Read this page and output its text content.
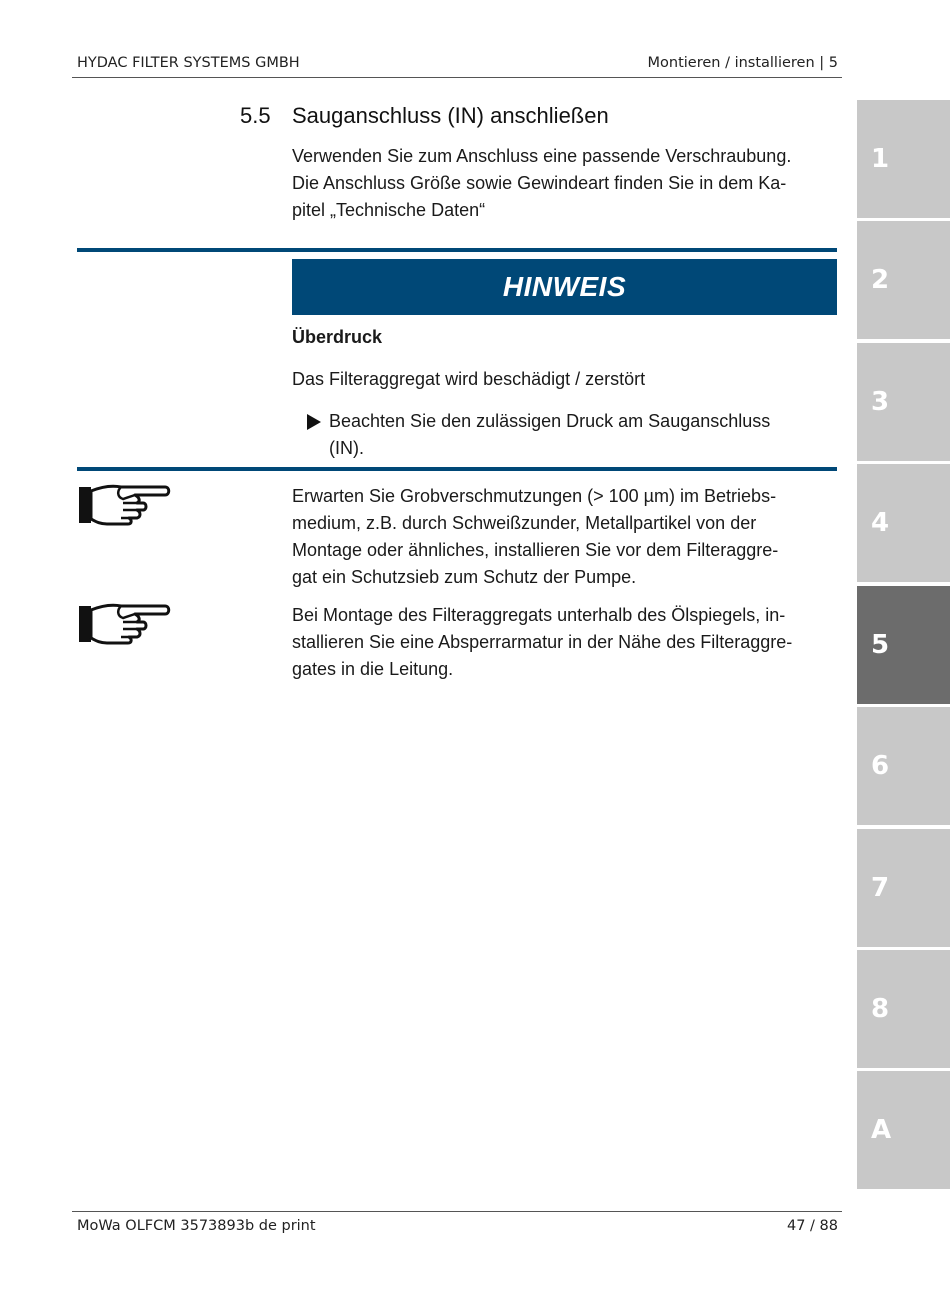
HYDAC FILTER SYSTEMS GMBH	Montieren / installieren | 5
5.5 Sauganschluss (IN) anschließen
Verwenden Sie zum Anschluss eine passende Verschraubung.
Die Anschluss Größe sowie Gewindeart finden Sie in dem Ka-
pitel „Technische Daten“
HINWEIS
Überdruck
Das Filteraggregat wird beschädigt / zerstört
Beachten Sie den zulässigen Druck am Sauganschluss
(IN).
Erwarten Sie Grobverschmutzungen (> 100 µm) im Betriebs-
medium, z.B. durch Schweißzunder, Metallpartikel von der
Montage oder ähnliches, installieren Sie vor dem Filteraggre-
gat ein Schutzsieb zum Schutz der Pumpe.
Bei Montage des Filteraggregats unterhalb des Ölspiegels, in-
stallieren Sie eine Absperrarmatur in der Nähe des Filteraggre-
gates in die Leitung.
1
2
3
4
5
6
7
8
A
MoWa OLFCM 3573893b de print	47 / 88
